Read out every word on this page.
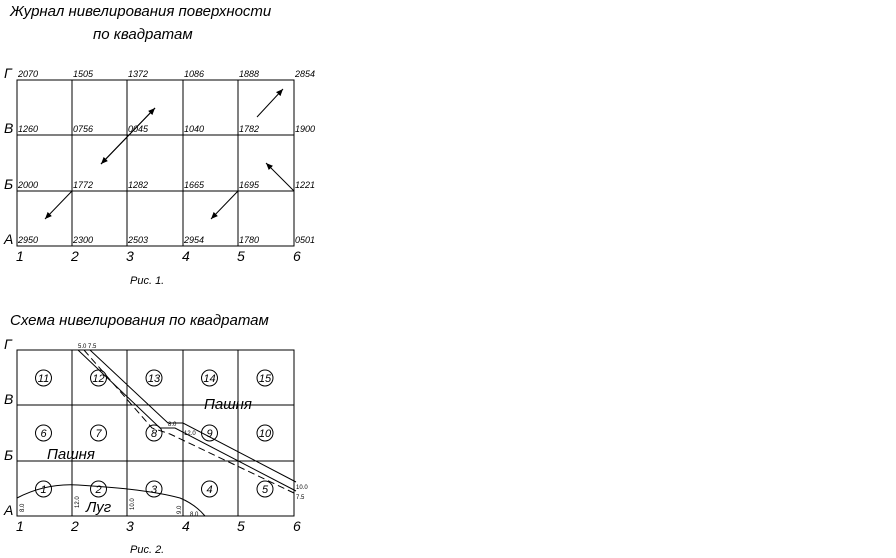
Журнал нивелирования поверхности
по квадратам
Рис. 1.
Схема нивелирования по квадратам
Рис. 2.
Г
В
Б
А
1	2	3	4	5	6
2070	1505	1372	1086	1888	2854
1260	0756	0045	1040	1782	1900
2000	1772	1282	1665	1695	1221
2950	2300	2503	2954	1780	0501
Г
В
Б
А
1	2	3	4	5	6
11	12	13	14	15
6	7	8	9	10
1	2	3	4	5
Пашня
Пашня
Луг
5.0 7.5
8.0
12.0
10.0
7.5
8.0	12.0	10.0	9.0
8.0
